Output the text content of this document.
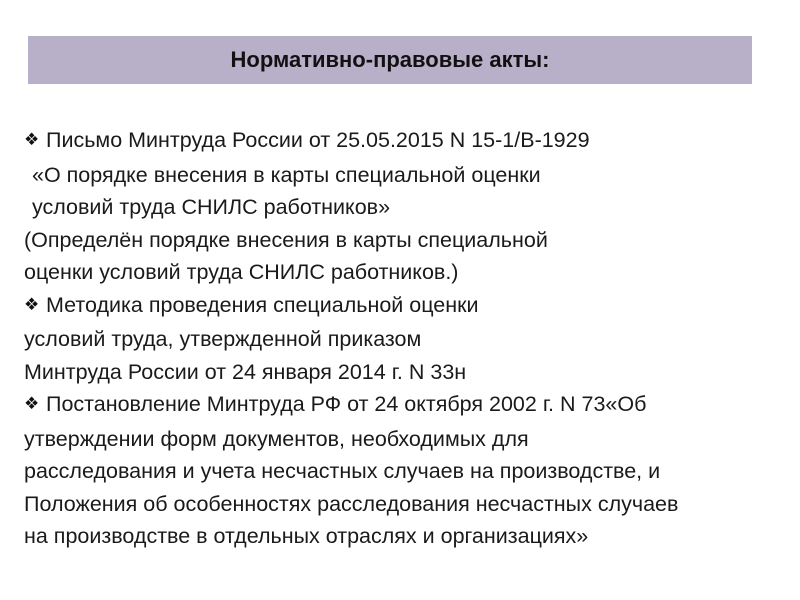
Нормативно-правовые акты:
❖ Письмо Минтруда России от 25.05.2015 N 15-1/В-1929
«О порядке внесения в карты специальной оценки
условий труда СНИЛС работников»
(Определён порядке внесения в карты специальной
оценки условий труда СНИЛС работников.)
❖ Методика проведения специальной оценки
условий труда, утвержденной приказом
Минтруда России от 24 января 2014 г. N 33н
❖ Постановление Минтруда РФ от 24 октября 2002 г. N 73«Об
утверждении форм документов, необходимых для
расследования и учета несчастных случаев на производстве, и
Положения об особенностях расследования несчастных случаев
на производстве в отдельных отраслях и организациях»
